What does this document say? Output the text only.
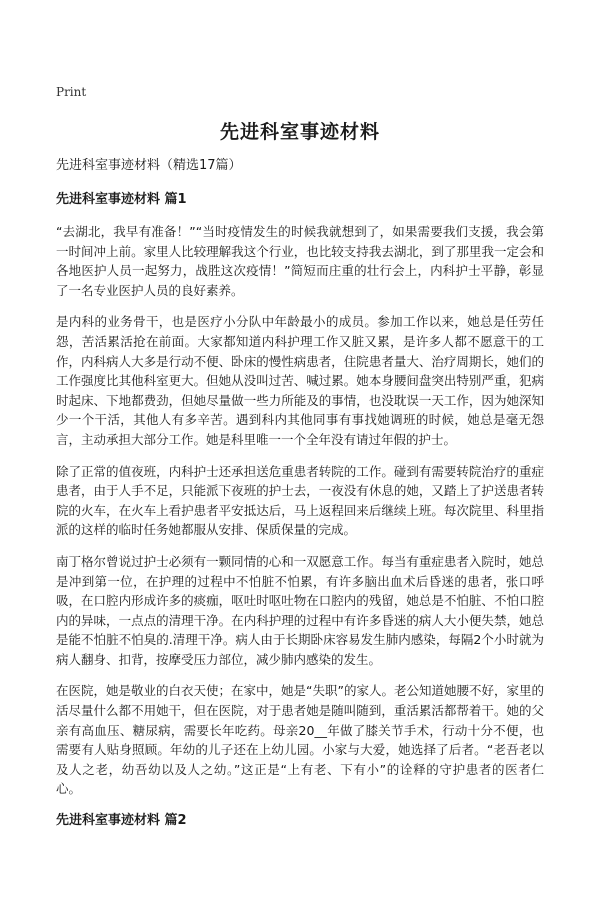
Print
先进科室事迹材料
先进科室事迹材料（精选17篇）
先进科室事迹材料 篇1
“去湖北，我早有准备！”“当时疫情发生的时候我就想到了，如果需要我们支援，我会第一时间冲上前。家里人比较理解我这个行业，也比较支持我去湖北，到了那里我一定会和各地医护人员一起努力，战胜这次疫情！”简短而庄重的壮行会上，内科护士平静，彰显了一名专业医护人员的良好素养。
是内科的业务骨干，也是医疗小分队中年龄最小的成员。参加工作以来，她总是任劳任怨，苦活累活抢在前面。大家都知道内科护理工作又脏又累，是许多人都不愿意干的工作，内科病人大多是行动不便、卧床的慢性病患者，住院患者量大、治疗周期长，她们的工作强度比其他科室更大。但她从没叫过苦、喊过累。她本身腰间盘突出特别严重，犯病时起床、下地都费劲，但她尽量做一些力所能及的事情，也没耽误一天工作，因为她深知少一个干活，其他人有多辛苦。遇到科内其他同事有事找她调班的时候，她总是毫无怨言，主动承担大部分工作。她是科里唯一一个全年没有请过年假的护士。
除了正常的值夜班，内科护士还承担送危重患者转院的工作。碰到有需要转院治疗的重症患者，由于人手不足，只能派下夜班的护士去，一夜没有休息的她，又踏上了护送患者转院的火车，在火车上看护患者平安抵达后，马上返程回来后继续上班。每次院里、科里指派的这样的临时任务她都服从安排、保质保量的完成。
南丁格尔曾说过护士必须有一颗同情的心和一双愿意工作。每当有重症患者入院时，她总是冲到第一位，在护理的过程中不怕脏不怕累，有许多脑出血术后昏迷的患者，张口呼吸，在口腔内形成许多的痰痂，呕吐时呕吐物在口腔内的残留，她总是不怕脏、不怕口腔内的异味，一点点的清理干净。在内科护理的过程中有许多昏迷的病人大小便失禁，她总是能不怕脏不怕臭的.清理干净。病人由于长期卧床容易发生肺内感染，每隔2个小时就为病人翻身、扣背，按摩受压力部位，减少肺内感染的发生。
在医院，她是敬业的白衣天使；在家中，她是“失职”的家人。老公知道她腰不好，家里的活尽量什么都不用她干，但在医院，对于患者她是随叫随到，重活累活都帮着干。她的父亲有高血压、糖尿病，需要长年吃药。母亲20__年做了膝关节手术，行动十分不便，也需要有人贴身照顾。年幼的儿子还在上幼儿园。小家与大爱，她选择了后者。“老吾老以及人之老，幼吾幼以及人之幼。”这正是“上有老、下有小”的诠释的守护患者的医者仁心。
先进科室事迹材料 篇2
